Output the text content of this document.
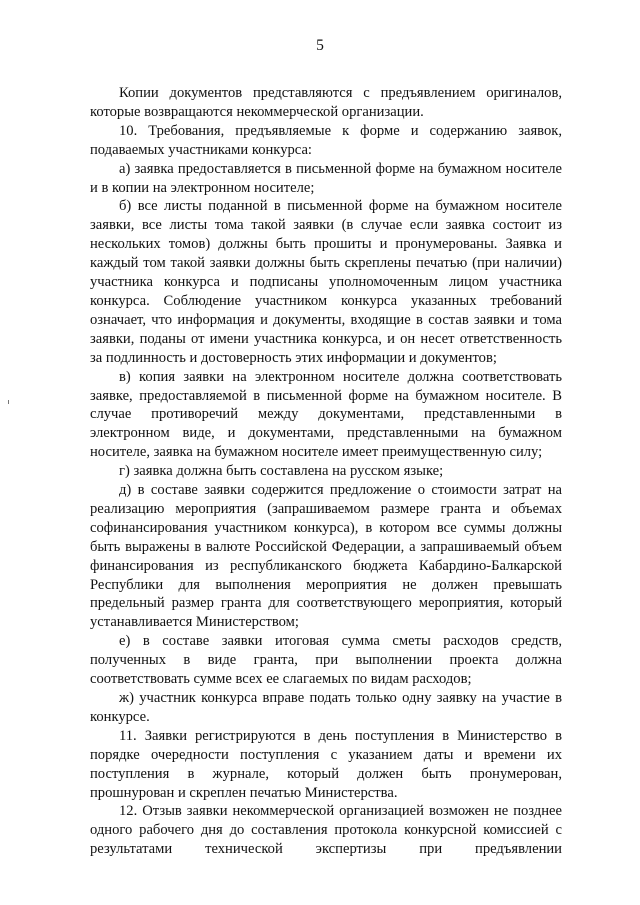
5

Копии документов представляются с предъявлением оригиналов, которые возвращаются некоммерческой организации.

10. Требования, предъявляемые к форме и содержанию заявок, подаваемых участниками конкурса:

а) заявка предоставляется в письменной форме на бумажном носителе и в копии на электронном носителе;

б) все листы поданной в письменной форме на бумажном носителе заявки, все листы тома такой заявки (в случае если заявка состоит из нескольких томов) должны быть прошиты и пронумерованы. Заявка и каждый том такой заявки должны быть скреплены печатью (при наличии) участника конкурса и подписаны уполномоченным лицом участника конкурса. Соблюдение участником конкурса указанных требований означает, что информация и документы, входящие в состав заявки и тома заявки, поданы от имени участника конкурса, и он несет ответственность за подлинность и достоверность этих информации и документов;

в) копия заявки на электронном носителе должна соответствовать заявке, предоставляемой в письменной форме на бумажном носителе. В случае противоречий между документами, представленными в электронном виде, и документами, представленными на бумажном носителе, заявка на бумажном носителе имеет преимущественную силу;

г) заявка должна быть составлена на русском языке;

д) в составе заявки содержится предложение о стоимости затрат на реализацию мероприятия (запрашиваемом размере гранта и объемах софинансирования участником конкурса), в котором все суммы должны быть выражены в валюте Российской Федерации, а запрашиваемый объем финансирования из республиканского бюджета Кабардино-Балкарской Республики для выполнения мероприятия не должен превышать предельный размер гранта для соответствующего мероприятия, который устанавливается Министерством;

е) в составе заявки итоговая сумма сметы расходов средств, полученных в виде гранта, при выполнении проекта должна соответствовать сумме всех ее слагаемых по видам расходов;

ж) участник конкурса вправе подать только одну заявку на участие в конкурсе.

11. Заявки регистрируются в день поступления в Министерство в порядке очередности поступления с указанием даты и времени их поступления в журнале, который должен быть пронумерован, прошнурован и скреплен печатью Министерства.

12. Отзыв заявки некоммерческой организацией возможен не позднее одного рабочего дня до составления протокола конкурсной комиссией с результатами технической экспертизы при предъявлении
